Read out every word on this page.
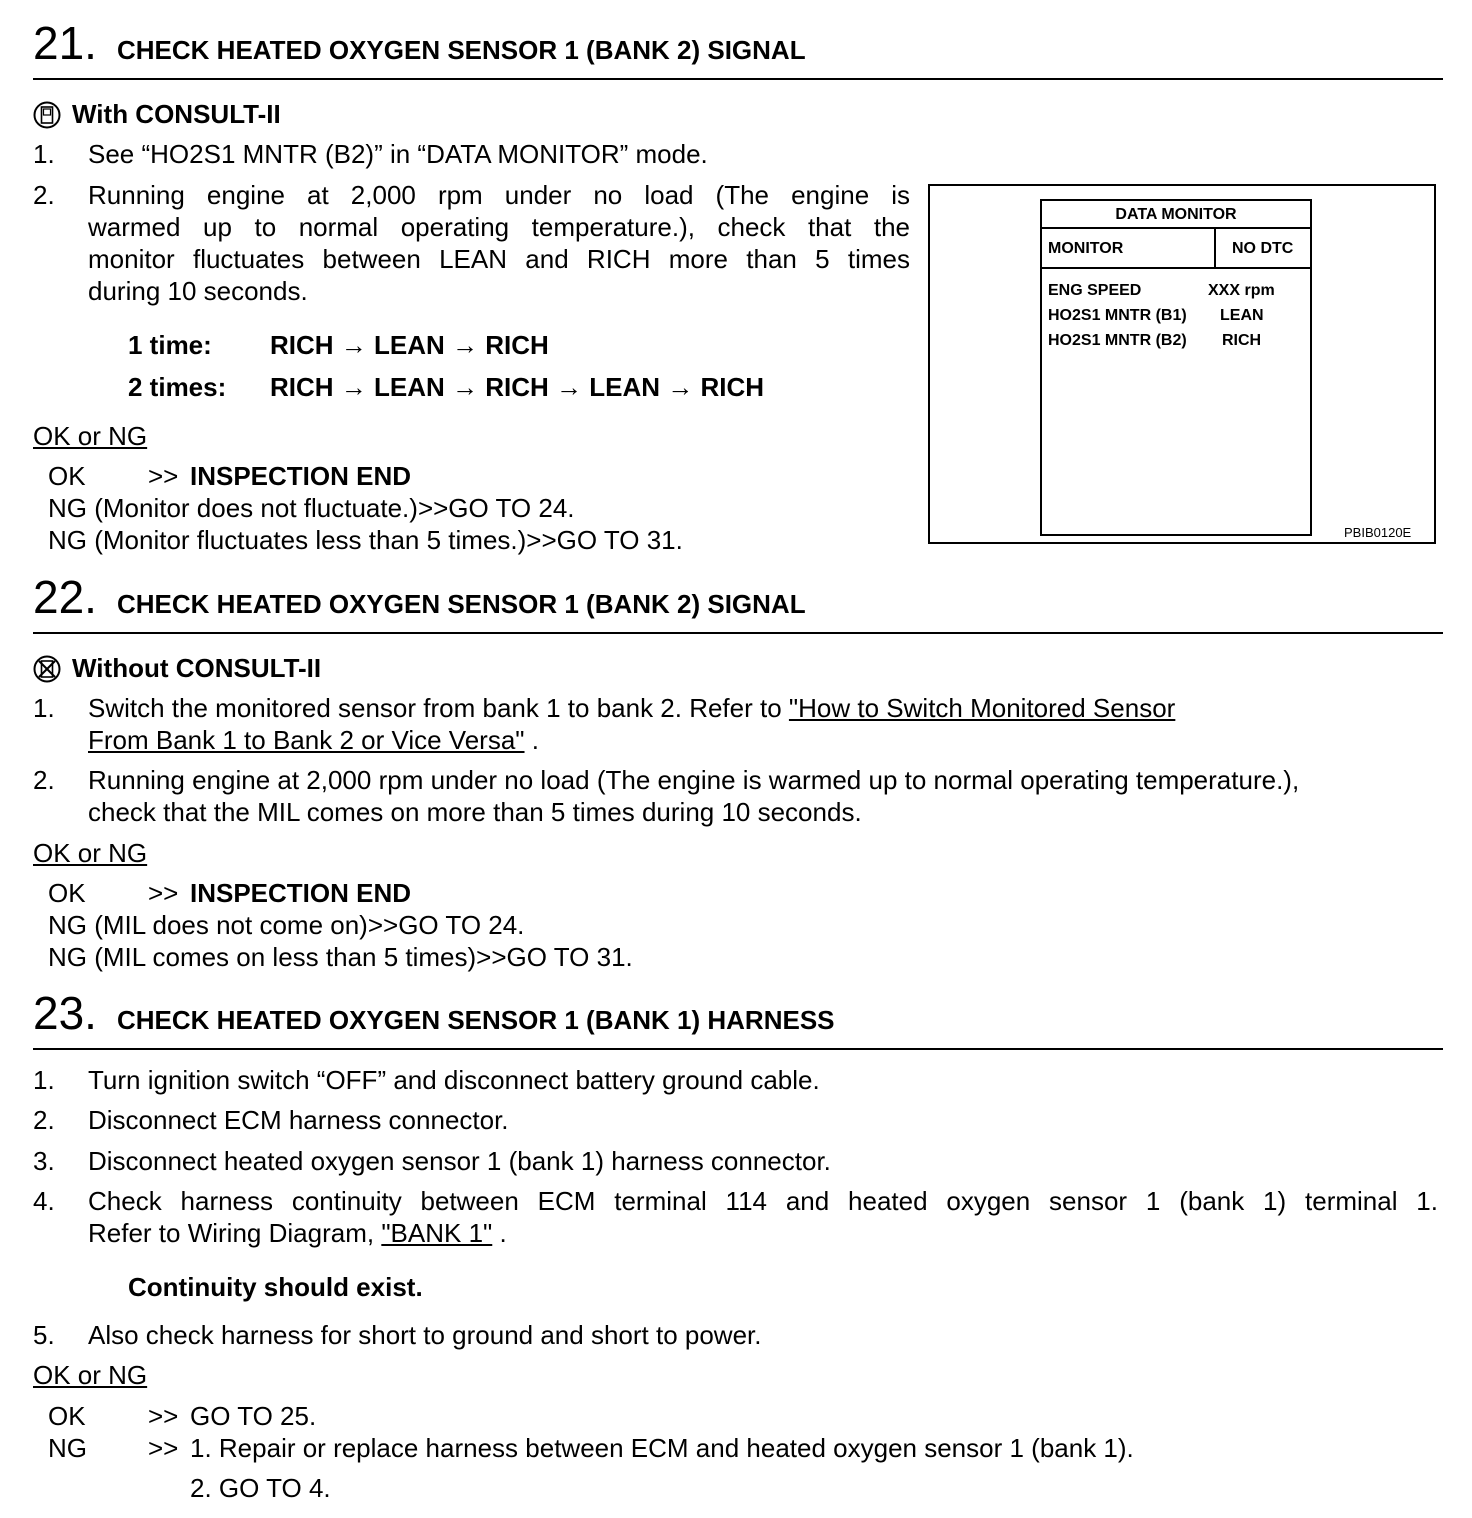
21. CHECK HEATED OXYGEN SENSOR 1 (BANK 2) SIGNAL
With CONSULT-II
1. See “HO2S1 MNTR (B2)” in “DATA MONITOR” mode.
2. Running engine at 2,000 rpm under no load (The engine is
warmed up to normal operating temperature.), check that the
monitor fluctuates between LEAN and RICH more than 5 times
during 10 seconds.
1 time: RICH → LEAN → RICH
2 times: RICH → LEAN → RICH → LEAN → RICH
OK or NG
OK >> INSPECTION END
NG (Monitor does not fluctuate.)>>GO TO 24.
NG (Monitor fluctuates less than 5 times.)>>GO TO 31.
DATA MONITOR
MONITOR	NO DTC
ENG SPEED	XXX rpm
HO2S1 MNTR (B1) LEAN
HO2S1 MNTR (B2) RICH
PBIB0120E
22. CHECK HEATED OXYGEN SENSOR 1 (BANK 2) SIGNAL
Without CONSULT-II
1. Switch the monitored sensor from bank 1 to bank 2. Refer to "How to Switch Monitored Sensor
From Bank 1 to Bank 2 or Vice Versa" .
2. Running engine at 2,000 rpm under no load (The engine is warmed up to normal operating temperature.),
check that the MIL comes on more than 5 times during 10 seconds.
OK or NG
OK >> INSPECTION END
NG (MIL does not come on)>>GO TO 24.
NG (MIL comes on less than 5 times)>>GO TO 31.
23. CHECK HEATED OXYGEN SENSOR 1 (BANK 1) HARNESS
1. Turn ignition switch “OFF” and disconnect battery ground cable.
2. Disconnect ECM harness connector.
3. Disconnect heated oxygen sensor 1 (bank 1) harness connector.
4. Check harness continuity between ECM terminal 114 and heated oxygen sensor 1 (bank 1) terminal 1.
Refer to Wiring Diagram, "BANK 1" .
Continuity should exist.
5. Also check harness for short to ground and short to power.
OK or NG
OK >> GO TO 25.
NG >> 1. Repair or replace harness between ECM and heated oxygen sensor 1 (bank 1).
2. GO TO 4.
